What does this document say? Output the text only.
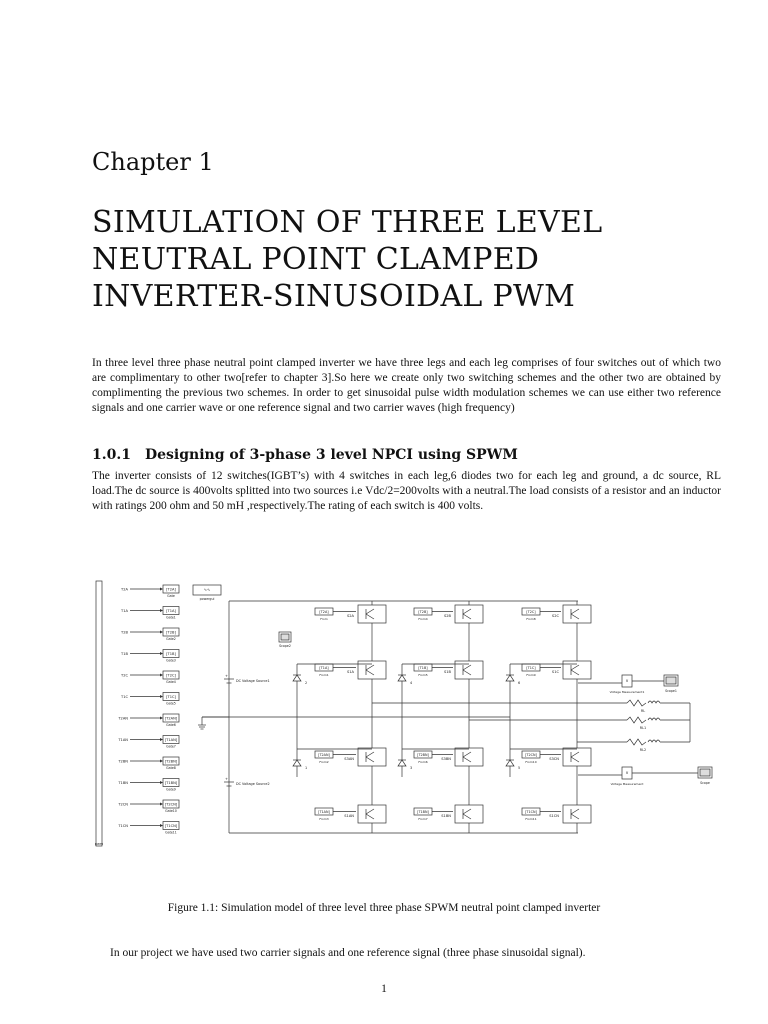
Chapter 1
SIMULATION OF THREE LEVEL
NEUTRAL POINT CLAMPED
INVERTER-SINUSOIDAL PWM
In three level three phase neutral point clamped inverter we have three legs and each leg comprises of four switches out of which two are complimentary to other two[refer to chapter 3].So here we create only two switching schemes and the other two are obtained by complimenting the previous two schemes. In order to get sinusoidal pulse width modulation schemes we can use either two reference signals and one carrier wave or one reference signal and two carrier waves (high frequency)
1.0.1 Designing of 3-phase 3 level NPCI using SPWM
The inverter consists of 12 switches(IGBT’s) with 4 switches in each leg,6 diodes two for each leg and ground, a dc source, RL load.The dc source is 400volts splitted into two sources i.e Vdc/2=200volts with a neutral.The load consists of a resistor and an inductor with ratings 200 ohm and 50 mH ,respectively.The rating of each switch is 400 volts.
pwm
T2A	[T2A]
Gate
T1A	[T1A]
Gate1
T2B	[T2B]
Gate2
T1B	[T1B]
Gate3
T2C	[T2C]
Gate4
T1C	[T1C]
Gate5
T2AN	[T2AN]
Gate6
T1AN	[T1AN]
Gate7
T2BN	[T2BN]
Gate8
T1BN	[T1BN]
Gate9
T2CN	[T2CN]
Gate10
T1CN	[T1CN]
Gate11
∿∿
powergui
DC Voltage Source1
+
DC Voltage Source2
+
Scope2
[T2A]
From
S2A
[T1A]
From1
S1A
[T2AN]
From2
S3AN
[T1AN]
From3
S1AN
2
1
[T2B]
From4
S2B
[T1B]
From5
S1B
[T2BN]
From6
S3BN
[T1BN]
From7
S1BN
4
3
[T2C]
From8
S2C
[T1C]
From9
S1C
[T2CN]
From10
S3CN
[T1CN]
From11
S1CN
6
5
RL
RL1
RL2
v
Voltage Measurement1	Scope1
v
Voltage Measurement	Scope
Figure 1.1: Simulation model of three level three phase SPWM neutral point clamped inverter
In our project we have used two carrier signals and one reference signal (three phase sinusoidal signal).
1
